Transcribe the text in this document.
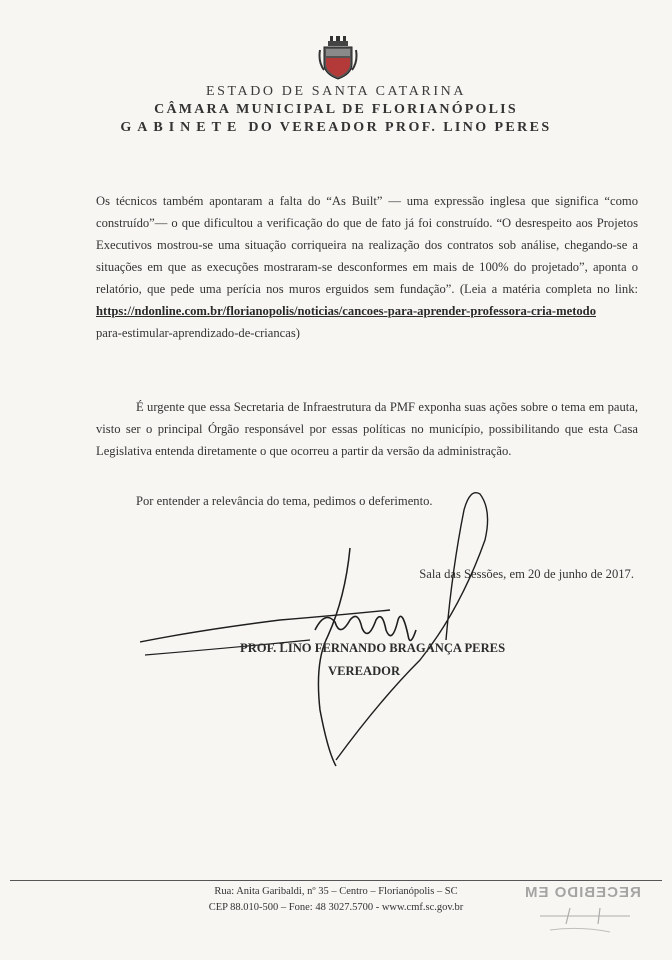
ESTADO DE SANTA CATARINA
CÂMARA MUNICIPAL DE FLORIANÓPOLIS
GABINETE DO VEREADOR PROF. LINO PERES
Os técnicos também apontaram a falta do “As Built” — uma expressão inglesa que significa “como construído”— o que dificultou a verificação do que de fato já foi construído. “O desrespeito aos Projetos Executivos mostrou-se uma situação corriqueira na realização dos contratos sob análise, chegando-se a situações em que as execuções mostraram-se desconformes em mais de 100% do projetado”, aponta o relatório, que pede uma perícia nos muros erguidos sem fundação”. (Leia a matéria completa no link: https://ndonline.com.br/florianopolis/noticias/cancoes-para-aprender-professora-cria-metodo
para-estimular-aprendizado-de-criancas)
É urgente que essa Secretaria de Infraestrutura da PMF exponha suas ações sobre o tema em pauta, visto ser o principal Órgão responsável por essas políticas no município, possibilitando que esta Casa Legislativa entenda diretamente o que ocorreu a partir da versão da administração.
Por entender a relevância do tema, pedimos o deferimento.
Sala das Sessões, em 20 de junho de 2017.
PROF. LINO FERNANDO BRAGANÇA PERES
VEREADOR
Rua: Anita Garibaldi, nº 35 – Centro – Florianópolis – SC
CEP 88.010-500 – Fone: 48 3027.5700 - www.cmf.sc.gov.br
RECEBIDO EM
